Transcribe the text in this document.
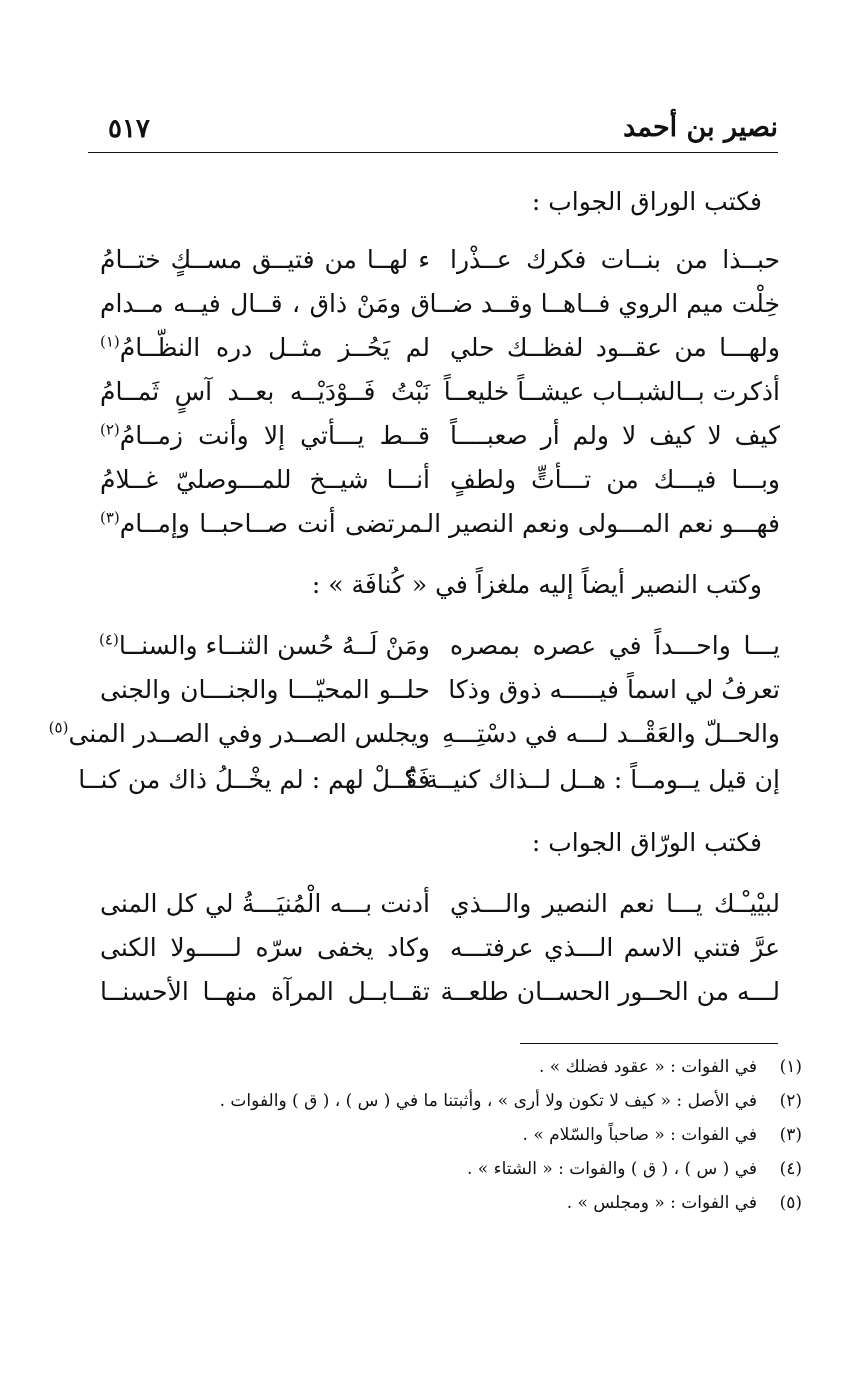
نصير بن أحمد
٥١٧
فكتب الوراق الجواب :
حبــذا من بنــات فكرك عــذْرا
ء لهــا من فتيــق مســكٍ ختــامُ
خِلْت ميم الروي فــاهــا وقــد ضــا
ق ومَنْ ذاق ، قــال فيــه مــدام
ولهـــا من عقــود لفظــك حلي
لم يَحُــز مثــل دره النظّــامُ$^{(١)}$
أذكرت بــالشبــاب عيشــاً خليعــاً
نَبْتُ فَــوْدَيْــه بعــد آسٍ ثَمــامُ
كيف لا كيف لا ولم أر صعبــــاً
قــط يـــأتي إلا وأنت زمــامُ$^{(٢)}$
وبـــا فيـــك من تـــأتٍّ ولطفٍ
أنـــا شيــخ للمـــوصليّ غــلامُ
فهـــو نعم المـــولى ونعم النصير الـ
ـمرتضى أنت صــاحبــا وإمــام$^{(٣)}$
وكتب النصير أيضاً إليه ملغزاً في « كُنافَة » :
يـــا واحـــداً في عصره بمصره
ومَنْ لَــهُ حُسن الثنــاء والسنــا$^{(٤)}$
تعرفُ لي اسماً فيـــــه ذوق وذكا
حلــو المحيّـــا والجنـــان والجنى
والحــلّ والعَقْــد لـــه في دسْتِـــهِ
ويجلس الصــدر وفي الصــدر المنى$^{(٥)}$
إن قيل يــومــاً : هــل لــذاك كنيــة ؟
فَقُــلْ لهم : لم يخْــلُ ذاك من كنــا
فكتب الورّاق الجواب :
لبيْيـْـك يـــا نعم النصير والـــذي
أدنت بـــه الْمُنيَـــةُ لي كل المنى
عرَّ فتني الاسم الـــذي عرفتـــه
وكاد يخفى سرّه لـــــولا الكنى
لـــه من الحــور الحســان طلعــة
تقــابــل المرآة منهــا الأحسنــا
(١)في الفوات : « عقود فضلك » .
(٢)في الأصل : « كيف لا تكون ولا أرى » ، وأثبتنا ما في ( س ) ، ( ق ) والفوات .
(٣)في الفوات : « صاحباً والسّلام » .
(٤)في ( س ) ، ( ق ) والفوات : « الشتاء » .
(٥)في الفوات : « ومجلس » .
